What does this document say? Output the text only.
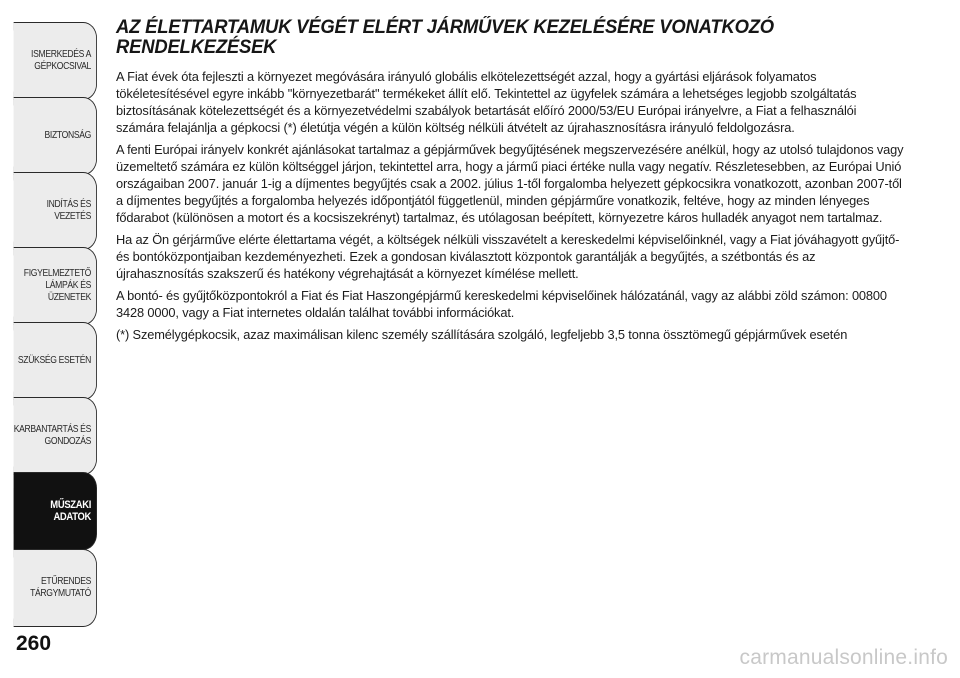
ISMERKEDÉS A
GÉPKOCSIVAL
BIZTONSÁG
INDÍTÁS ÉS VEZETÉS
FIGYELMEZTETŐ
LÁMPÁK ÉS
ÜZENETEK
SZÜKSÉG ESETÉN
KARBANTARTÁS ÉS
GONDOZÁS
MŰSZAKI
ADATOK
ETŰRENDES
TÁRGYMUTATÓ
260
AZ ÉLETTARTAMUK VÉGÉT ELÉRT JÁRMŰVEK KEZELÉSÉRE VONATKOZÓ RENDELKEZÉSEK

A Fiat évek óta fejleszti a környezet megóvására irányuló globális elkötelezettségét azzal, hogy a gyártási eljárások folyamatos tökéletesítésével egyre inkább "környezetbarát" termékeket állít elő. Tekintettel az ügyfelek számára a lehetséges legjobb szolgáltatás biztosításának kötelezettségét és a környezetvédelmi szabályok betartását előíró 2000/53/EU Európai irányelvre, a Fiat a felhasználói számára felajánlja a gépkocsi (*) életútja végén a külön költség nélküli átvételt az újrahasznosításra irányuló feldolgozásra.

A fenti Európai irányelv konkrét ajánlásokat tartalmaz a gépjárművek begyűjtésének megszervezésére anélkül, hogy az utolsó tulajdonos vagy üzemeltető számára ez külön költséggel járjon, tekintettel arra, hogy a jármű piaci értéke nulla vagy negatív. Részletesebben, az Európai Unió országaiban 2007. január 1-ig a díjmentes begyűjtés csak a 2002. július 1-től forgalomba helyezett gépkocsikra vonatkozott, azonban 2007-től a díjmentes begyűjtés a forgalomba helyezés időpontjától függetlenül, minden gépjárműre vonatkozik, feltéve, hogy az minden lényeges fődarabot (különösen a motort és a kocsiszekrényt) tartalmaz, és utólagosan beépített, környezetre káros hulladék anyagot nem tartalmaz.

Ha az Ön gérjárműve elérte élettartama végét, a költségek nélküli visszavételt a kereskedelmi képviselőinknél, vagy a Fiat jóváhagyott gyűjtő- és bontóközpontjaiban kezdeményezheti. Ezek a gondosan kiválasztott központok garantálják a begyűjtés, a szétbontás és az újrahasznosítás szakszerű és hatékony végrehajtását a környezet kímélése mellett.

A bontó- és gyűjtőközpontokról a Fiat és Fiat Haszongépjármű kereskedelmi képviselőinek hálózatánál, vagy az alábbi zöld számon: 00800 3428 0000, vagy a Fiat internetes oldalán találhat további információkat.

(*) Személygépkocsik, azaz maximálisan kilenc személy szállítására szolgáló, legfeljebb 3,5 tonna össztömegű gépjárművek esetén

carmanualsonline.info
